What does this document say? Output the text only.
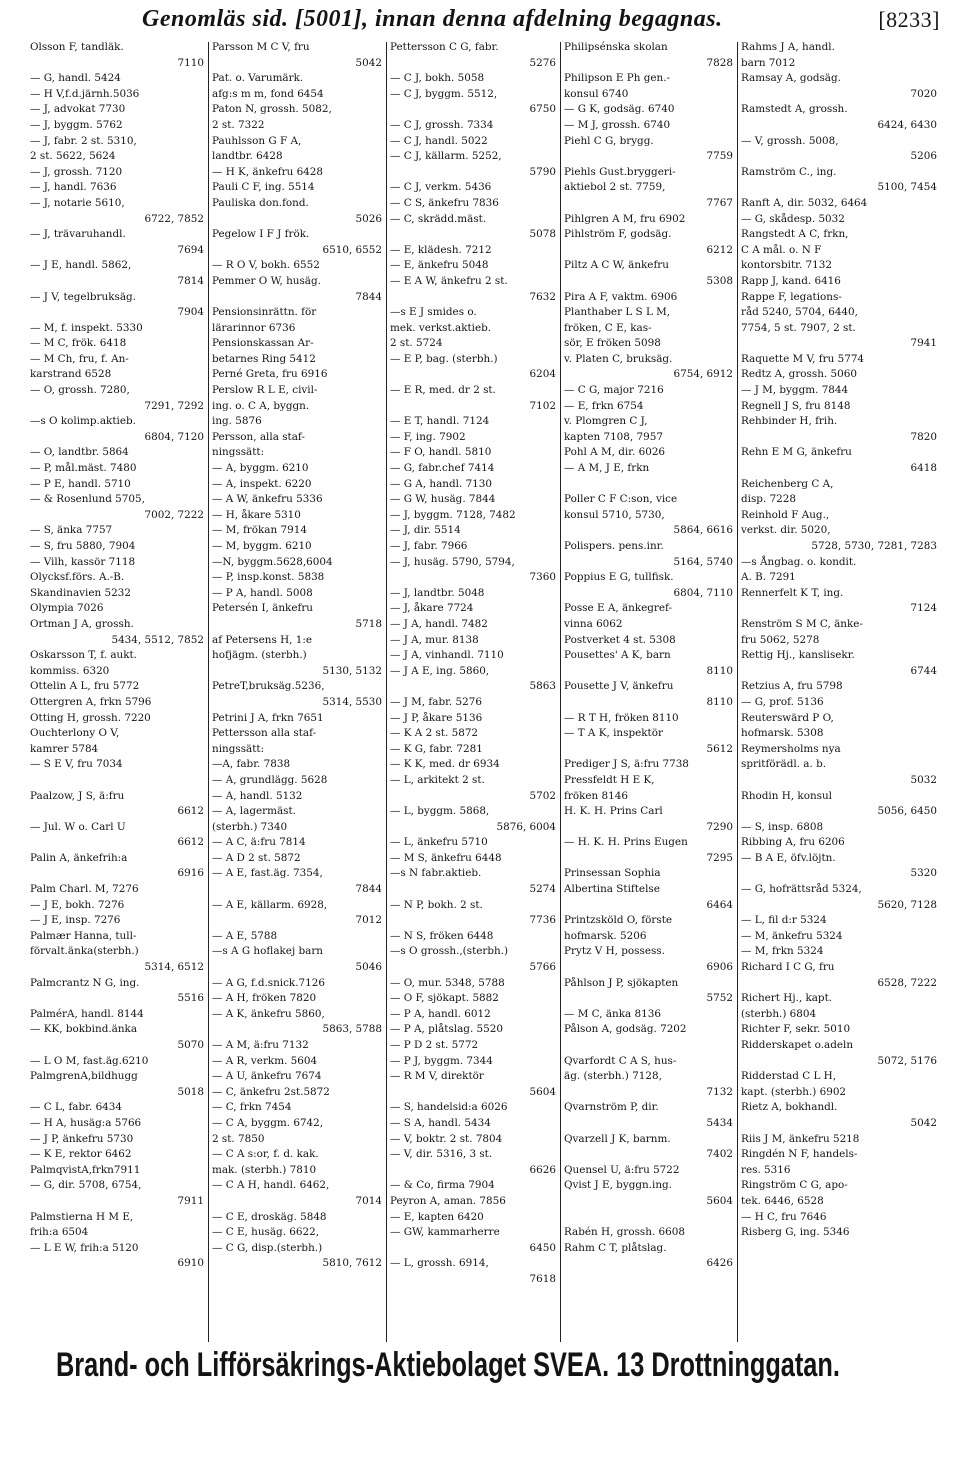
Genomläs sid. [5001], innan denna afdelning begagnas.	[8233]
Olsson F, tandläk.
7110
— G, handl. 5424
— H V,f.d.järnh.5036
— J, advokat 7730
— J, byggm. 5762
— J, fabr. 2 st. 5310,
2 st. 5622, 5624
— J, grossh. 7120
— J, handl. 7636
— J, notarie 5610,
6722, 7852
— J, trävaruhandl.
7694
— J E, handl. 5862,
7814
— J V, tegelbruksäg.
7904
— M, f. inspekt. 5330
— M C, frök. 6418
— M Ch, fru, f. An-
karstrand 6528
— O, grossh. 7280,
7291, 7292
—s O kolimp.aktieb.
6804, 7120
— O, landtbr. 5864
— P, mål.mäst. 7480
— P E, handl. 5710
— & Rosenlund 5705,
7002, 7222
— S, änka 7757
— S, fru 5880, 7904
— Vilh, kassör 7118
Olycksf.förs. A.-B.
Skandinavien 5232
Olympia 7026
Ortman J A, grossh.
5434, 5512, 7852
Oskarsson T, f. aukt.
kommiss. 6320
Ottelin A L, fru 5772
Ottergren A, frkn 5796
Otting H, grossh. 7220
Ouchterlony O V,
kamrer 5784
— S E V, fru 7034
Paalzow, J S, ä:fru
6612
— Jul. W o. Carl U
6612
Palin A, änkefrih:a
6916
Palm Charl. M, 7276
— J E, bokh. 7276
— J E, insp. 7276
Palmær Hanna, tull-
förvalt.änka(sterbh.)
5314, 6512
Palmcrantz N G, ing.
5516
PalmérA, handl. 8144
— KK, bokbind.änka
5070
— L O M, fast.äg.6210
PalmgrenA,bildhugg
5018
— C L, fabr. 6434
— H A, husäg:a 5766
— J P, änkefru 5730
— K E, rektor 6462
PalmqvistA,frkn7911
— G, dir. 5708, 6754,
7911
Palmstierna H M E,
frih:a 6504
— L E W, frih:a 5120
6910
Parsson M C V, fru
5042
Pat. o. Varumärk.
afg:s m m, fond 6454
Paton N, grossh. 5082,
2 st. 7322
Pauhlsson G F A,
landtbr. 6428
— H K, änkefru 6428
Pauli C F, ing. 5514
Pauliska don.fond.
5026
Pegelow I F J frök.
6510, 6552
— R O V, bokh. 6552
Pemmer O W, husäg.
7844
Pensionsinrättn. för
lärarinnor 6736
Pensionskassan Ar-
betarnes Ring 5412
Perné Greta, fru 6916
Perslow R L E, civil-
ing. o. C A, byggn.
ing. 5876
Persson, alla staf-
ningssätt:
— A, byggm. 6210
— A, inspekt. 6220
— A W, änkefru 5336
— H, åkare 5310
— M, frökan 7914
— M, byggm. 6210
—N, byggm.5628,6004
— P, insp.konst. 5838
— P A, handl. 5008
Petersén I, änkefru
5718
af Petersens H, 1:e
hofjägm. (sterbh.)
5130, 5132
PetreT,bruksäg.5236,
5314, 5530
Petrini J A, frkn 7651
Pettersson alla staf-
ningssätt:
—A, fabr. 7838
— A, grundlägg. 5628
— A, handl. 5132
— A, lagermäst.
(sterbh.) 7340
— A C, ä:fru 7814
— A D 2 st. 5872
— A E, fast.äg. 7354,
7844
— A E, källarm. 6928,
7012
— A E, 5788
—s A G hoflakej barn
5046
— A G, f.d.snick.7126
— A H, fröken 7820
— A K, änkefru 5860,
5863, 5788
— A M, ä:fru 7132
— A R, verkm. 5604
— A U, änkefru 7674
— C, änkefru 2st.5872
— C, frkn 7454
— C A, byggm. 6742,
2 st. 7850
— C A s:or, f. d. kak.
mak. (sterbh.) 7810
— C A H, handl. 6462,
7014
— C E, droskäg. 5848
— C E, husäg. 6622,
— C G, disp.(sterbh.)
5810, 7612
Pettersson C G, fabr.
5276
— C J, bokh. 5058
— C J, byggm. 5512,
6750
— C J, grossh. 7334
— C J, handl. 5022
— C J, källarm. 5252,
5790
— C J, verkm. 5436
— C S, änkefru 7836
— C, skrädd.mäst.
5078
— E, klädesh. 7212
— E, änkefru 5048
— E A W, änkefru 2 st.
7632
—s E J smides o.
mek. verkst.aktieb.
2 st. 5724
— E P, bag. (sterbh.)
6204
— E R, med. dr 2 st.
7102
— E T, handl. 7124
— F, ing. 7902
— F O, handl. 5810
— G, fabr.chef 7414
— G A, handl. 7130
— G W, husäg. 7844
— J, byggm. 7128, 7482
— J, dir. 5514
— J, fabr. 7966
— J, husäg. 5790, 5794,
7360
— J, landtbr. 5048
— J, åkare 7724
— J A, handl. 7482
— J A, mur. 8138
— J A, vinhandl. 7110
— J A E, ing. 5860,
5863
— J M, fabr. 5276
— J P, åkare 5136
— K A 2 st. 5872
— K G, fabr. 7281
— K K, med. dr 6934
— L, arkitekt 2 st.
5702
— L, byggm. 5868,
5876, 6004
— L, änkefru 5710
— M S, änkefru 6448
—s N fabr.aktieb.
5274
— N P, bokh. 2 st.
7736
— N S, fröken 6448
—s O grossh.,(sterbh.)
5766
— O, mur. 5348, 5788
— O F, sjökapt. 5882
— P A, handl. 6012
— P A, plåtslag. 5520
— P D 2 st. 5772
— P J, byggm. 7344
— R M V, direktör
5604
— S, handelsid:a 6026
— S A, handl. 5434
— V, boktr. 2 st. 7804
— V, dir. 5316, 3 st.
6626
— & Co, firma 7904
Peyron A, aman. 7856
— E, kapten 6420
— GW, kammarherre
6450
— L, grossh. 6914,
7618
Philipsénska skolan
7828
Philipson E Ph gen.-
konsul 6740
— G K, godsäg. 6740
— M J, grossh. 6740
Piehl C G, brygg.
7759
Piehls Gust.bryggeri-
aktiebol 2 st. 7759,
7767
Pihlgren A M, fru 6902
Pihlström F, godsäg.
6212
Piltz A C W, änkefru
5308
Pira A F, vaktm. 6906
Planthaber L S L M,
fröken, C E, kas-
sör, E fröken 5098
v. Platen C, bruksäg.
6754, 6912
— C G, major 7216
— E, frkn 6754
v. Plomgren C J,
kapten 7108, 7957
Pohl A M, dir. 6026
— A M, J E, frkn
Poller C F C:son, vice
konsul 5710, 5730,
5864, 6616
Polispers. pens.inr.
5164, 5740
Poppius E G, tullfisk.
6804, 7110
Posse E A, änkegref-
vinna 6062
Postverket 4 st. 5308
Pousettes' A K, barn
8110
Pousette J V, änkefru
8110
— R T H, fröken 8110
— T A K, inspektör
5612
Prediger J S, ä:fru 7738
Pressfeldt H E K,
fröken 8146
H. K. H. Prins Carl
7290
— H. K. H. Prins Eugen
7295
Prinsessan Sophia
Albertina Stiftelse
6464
Printzsköld O, förste
hofmarsk. 5206
Prytz V H, possess.
6906
Påhlson J P, sjökapten
5752
— M C, änka 8136
Pålson A, godsäg. 7202
Qvarfordt C A S, hus-
äg. (sterbh.) 7128,
7132
Qvarnström P, dir.
5434
Qvarzell J K, barnm.
7402
Quensel U, ä:fru 5722
Qvist J E, byggn.ing.
5604
Rabén H, grossh. 6608
Rahm C T, plåtslag.
6426
Rahms J A, handl.
barn 7012
Ramsay A, godsäg.
7020
Ramstedt A, grossh.
6424, 6430
— V, grossh. 5008,
5206
Ramström C., ing.
5100, 7454
Ranft A, dir. 5032, 6464
— G, skådesp. 5032
Rangstedt A C, frkn,
C A mål. o. N F
kontorsbitr. 7132
Rapp J, kand. 6416
Rappe F, legations-
råd 5240, 5704, 6440,
7754, 5 st. 7907, 2 st.
7941
Raquette M V, fru 5774
Redtz A, grossh. 5060
— J M, byggm. 7844
Regnell J S, fru 8148
Rehbinder H, frih.
7820
Rehn E M G, änkefru
6418
Reichenberg C A,
disp. 7228
Reinhold F Aug.,
verkst. dir. 5020,
5728, 5730, 7281, 7283
—s Ångbag. o. kondit.
A. B. 7291
Rennerfelt K T, ing.
7124
Renström S M C, änke-
fru 5062, 5278
Rettig Hj., kanslisekr.
6744
Retzius A, fru 5798
— G, prof. 5136
Reuterswärd P O,
hofmarsk. 5308
Reymersholms nya
spritförädl. a. b.
5032
Rhodin H, konsul
5056, 6450
— S, insp. 6808
Ribbing A, fru 6206
— B A E, öfv.löjtn.
5320
— G, hofrättsråd 5324,
5620, 7128
— L, fil d:r 5324
— M, änkefru 5324
— M, frkn 5324
Richard I C G, fru
6528, 7222
Richert Hj., kapt.
(sterbh.) 6804
Richter F, sekr. 5010
Ridderskapet o.adeln
5072, 5176
Ridderstad C L H,
kapt. (sterbh.) 6902
Rietz A, bokhandl.
5042
Riis J M, änkefru 5218
Ringdén N F, handels-
res. 5316
Ringström C G, apo-
tek. 6446, 6528
— H C, fru 7646
Risberg G, ing. 5346
Brand- och Lifförsäkrings-Aktiebolaget SVEA. 13 Drottninggatan.
